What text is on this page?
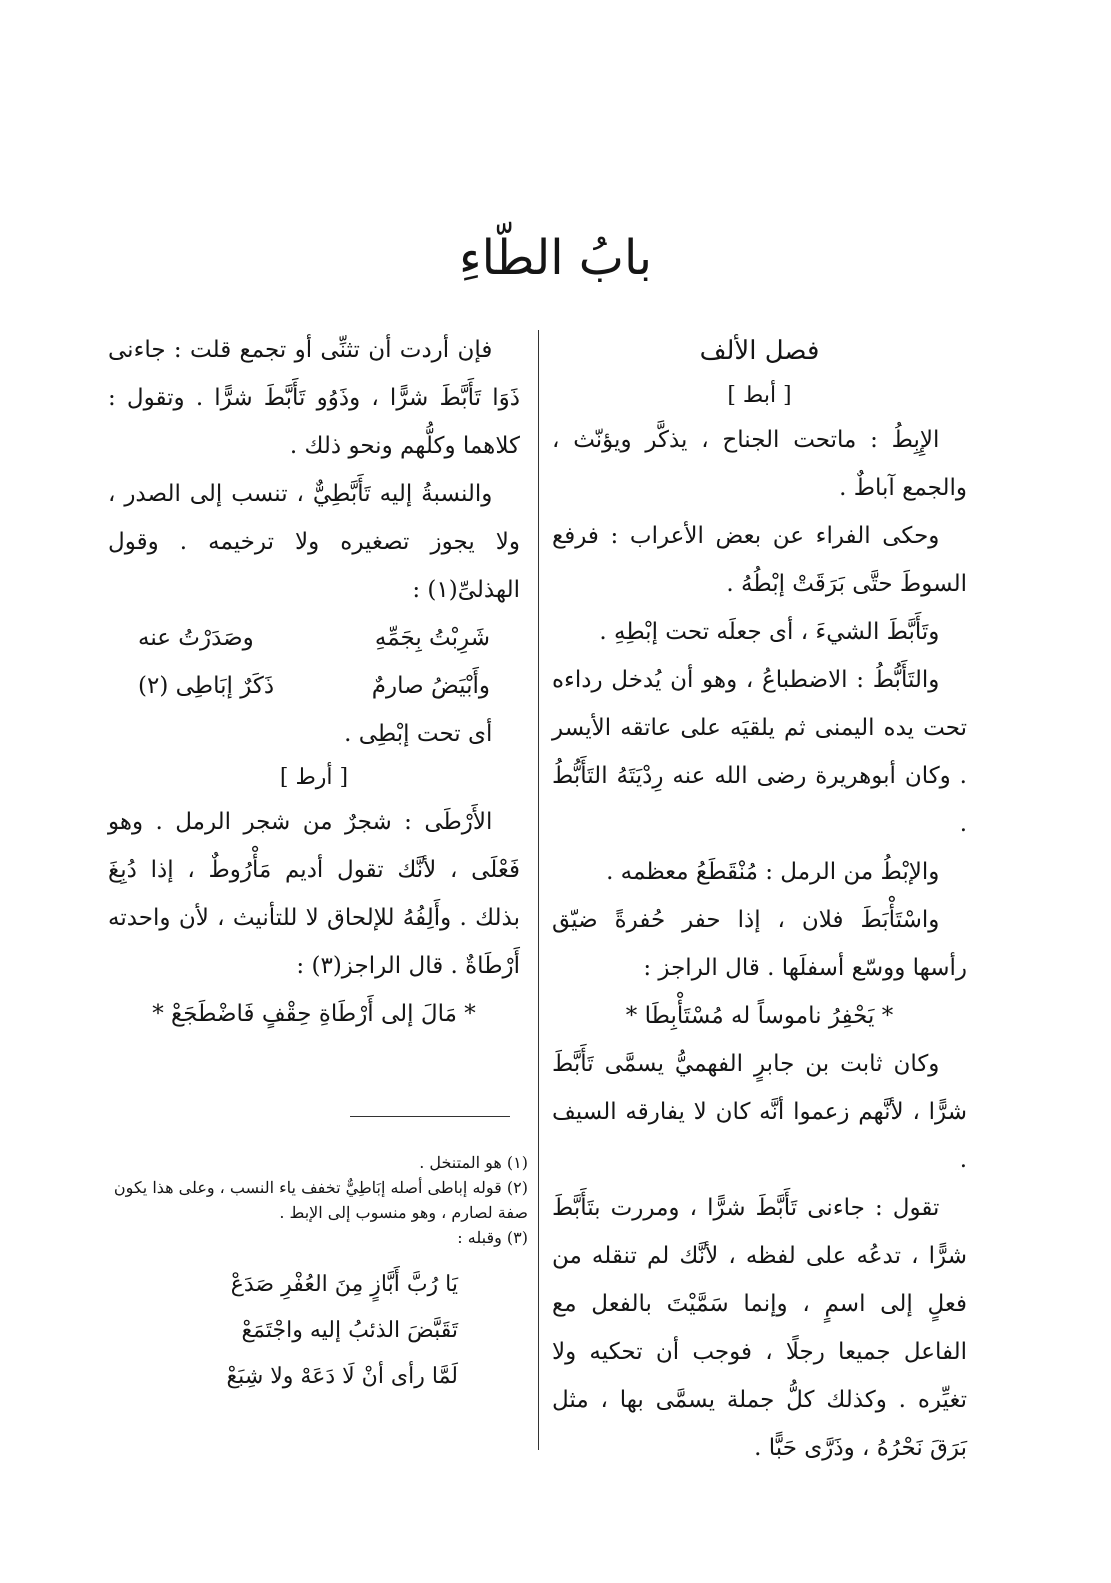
بابُ الطّاءِ
فصل الألف
[ أبط ]

الإِبِطُ : ماتحت الجناح ، يذكَّر ويؤنّث ، والجمع آباطٌ .

وحكى الفراء عن بعض الأعراب : فرفع السوطَ حتَّى بَرَقَتْ إبْطُهُ .

وتَأَبَّطَ الشيءَ ، أى جعلَه تحت إبْطِهِ .

والتَأَبُّطُ : الاضطباعُ ، وهو أن يُدخل رداءه تحت يده اليمنى ثم يلقيَه على عاتقه الأيسر . وكان أبوهريرة رضى الله عنه رِدْيَتَهُ التَأَبُّطُ .

والإبْطُ من الرمل : مُنْقَطَعُ معظمه .

واسْتَأْبَطَ فلان ، إذا حفر حُفرةً ضيّق رأسها ووسّع أسفلَها . قال الراجز :

* يَحْفِرُ ناموساً له مُسْتَأْبِطَا *

وكان ثابت بن جابرٍ الفهميُّ يسمَّى تَأَبَّطَ شرًّا ، لأنَّهم زعموا أنَّه كان لا يفارقه السيف .

تقول : جاءنى تَأَبَّطَ شرًّا ، ومررت بتَأَبَّطَ شرًّا ، تدعُه على لفظه ، لأنَّك لم تنقله من فعلٍ إلى اسمٍ ، وإنما سَمَّيْتَ بالفعل مع الفاعل جميعا رجلًا ، فوجب أن تحكيه ولا تغيِّره . وكذلك كلُّ جملة يسمَّى بها ، مثل بَرَقَ نَحْرُهُ ، وذَرَّى حَبًّا .

فإن أردت أن تثنِّى أو تجمع قلت : جاءنى ذَوَا تَأَبَّطَ شرًّا ، وذَوُو تَأَبَّطَ شرًّا . وتقول : كلاهما وكلُّهم ونحو ذلك .

والنسبةُ إليه تَأَبَّطِيٌّ ، تنسب إلى الصدر ، ولا يجوز تصغيره ولا ترخيمه . وقول الهذلىِّ(١) :

شَرِبْتُ بِجَمِّهِ
وصَدَرْتُ عنه
وأَبْيَضُ صارمٌ
ذَكَرٌ إبَاطِى (٢)

أى تحت إبْطِى .

[ أرط ]

الأَرْطَى : شجرٌ من شجر الرمل . وهو فَعْلَى ، لأنَّك تقول أديم مَأْرُوطٌ ، إذا دُبِغَ بذلك . وأَلِفُهُ للإلحاق لا للتأنيث ، لأن واحدته أَرْطَاةٌ . قال الراجز(٣) :

* مَالَ إلى أَرْطَاةِ حِقْفٍ فَاضْطَجَعْ *

(١) هو المتنخل .

(٢) قوله إباطى أصله إبَاطِيٌّ تخفف ياء النسب ، وعلى هذا يكون صفة لصارم ، وهو منسوب إلى الإبط .

(٣) وقبله :

يَا رُبَّ أَبَّازٍ مِنَ العُفْرِ صَدَعْ

تَقَبَّضَ الذئبُ إليه واجْتَمَعْ

لَمَّا رأى أنْ لَا دَعَهْ ولا شِبَعْ
